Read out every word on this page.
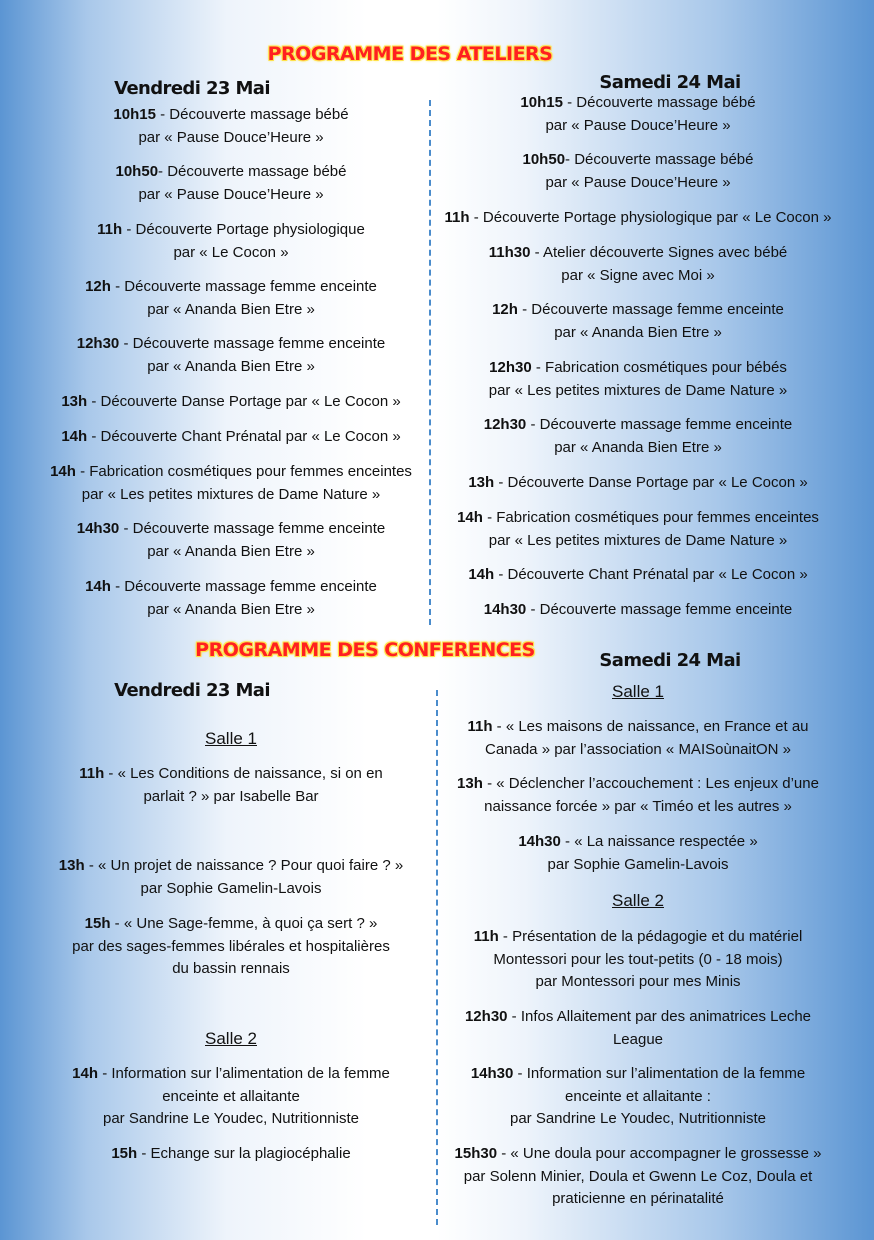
PROGRAMME DES ATELIERS
Vendredi 23 Mai	Samedi 24 Mai
10h15 - Découverte massage bébé
par « Pause Douce’Heure »
10h50- Découverte massage bébé
par « Pause Douce’Heure »
11h - Découverte Portage physiologique
par « Le Cocon »
12h - Découverte massage femme enceinte
par « Ananda Bien Etre »
12h30 - Découverte massage femme enceinte
par « Ananda Bien Etre »
13h - Découverte Danse Portage par « Le Cocon »
14h - Découverte Chant Prénatal par « Le Cocon »
14h - Fabrication cosmétiques pour femmes enceintes
par « Les petites mixtures de Dame Nature »
14h30 - Découverte massage femme enceinte
par « Ananda Bien Etre »
14h - Découverte massage femme enceinte
par « Ananda Bien Etre »
10h15 - Découverte massage bébé
par « Pause Douce’Heure »
10h50- Découverte massage bébé
par « Pause Douce’Heure »
11h - Découverte Portage physiologique par « Le Cocon »
11h30 - Atelier découverte Signes avec bébé
par « Signe avec Moi »
12h - Découverte massage femme enceinte
par « Ananda Bien Etre »
12h30 - Fabrication cosmétiques pour bébés
par « Les petites mixtures de Dame Nature »
12h30 - Découverte massage femme enceinte
par « Ananda Bien Etre »
13h - Découverte Danse Portage par « Le Cocon »
14h - Fabrication cosmétiques pour femmes enceintes
par « Les petites mixtures de Dame Nature »
14h - Découverte Chant Prénatal par « Le Cocon »
14h30 - Découverte massage femme enceinte
PROGRAMME DES CONFERENCES
Vendredi 23 Mai
Samedi 24 Mai
Salle 1
11h - « Les Conditions de naissance, si on en
parlait ? » par Isabelle Bar
13h - « Un projet de naissance ? Pour quoi faire ? »
par Sophie Gamelin-Lavois
15h - « Une Sage-femme, à quoi ça sert ? »
par des sages-femmes libérales et hospitalières
du bassin rennais
Salle 2
14h - Information sur l’alimentation de la femme
enceinte et allaitante
par Sandrine Le Youdec, Nutritionniste
15h - Echange sur la plagiocéphalie
Salle 1
11h - « Les maisons de naissance, en France et au
Canada » par l’association « MAISoùnaitON »
13h - « Déclencher l’accouchement : Les enjeux d’une
naissance forcée » par « Timéo et les autres »
14h30 - « La naissance respectée »
par Sophie Gamelin-Lavois
Salle 2
11h - Présentation de la pédagogie et du matériel
Montessori pour les tout-petits (0 - 18 mois)
par Montessori pour mes Minis
12h30 - Infos Allaitement par des animatrices Leche
League
14h30 - Information sur l’alimentation de la femme
enceinte et allaitante :
par Sandrine Le Youdec, Nutritionniste
15h30 - « Une doula pour accompagner le grossesse »
par Solenn Minier, Doula et Gwenn Le Coz, Doula et
praticienne en périnatalité
